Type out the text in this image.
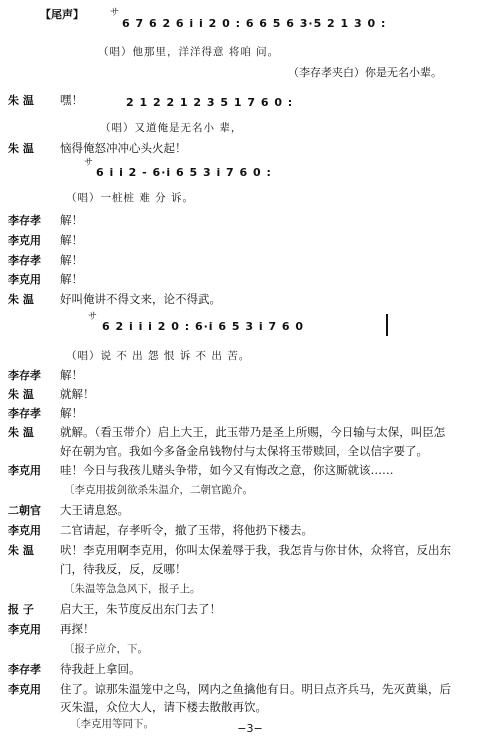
【尾声】	サ
6 7 6 2 6 i i 2 0 : 6 6 5 6 3·5 2 1 3 0 :
（唱）他那里，洋洋得意 将咱 问。
（李存孝夹白）你是无名小辈。
朱 温 嘿！	2 1 2 2 1 2 3 5 1 7 6 0 :
（唱）又道俺是无名小 辈，
朱 温 恼得俺怒冲冲心头火起！
サ
6 i i 2 - 6·i 6 5 3 i 7 6 0 :
（唱）一桩桩 难 分 诉。
李存孝 解！
李克用 解！
李存孝 解！
李克用 解！
朱 温 好叫俺讲不得文来，论不得武。
サ
6 2 i i i 2 0 : 6·i 6 5 3 i 7 6 0
（唱）说 不 出 怨 恨 诉 不 出 苦。
李存孝 解！
朱 温 就解！
李存孝 解！
朱 温 就解。（看玉带介）启上大王，此玉带乃是圣上所赐，今日输与太保，叫臣怎
好在朝为官。我如今多备金帛钱物付与太保将玉带赎回，全以信字要了。
李克用 哇！今日与我孩儿赌头争带，如今又有悔改之意，你这厮就该……
〔李克用拔剑欲杀朱温介，二朝官跪介。
二朝官 大王请息怒。
李克用 二官请起，存孝听令，撤了玉带，将他扔下楼去。
朱 温 吠！李克用啊李克用，你叫太保羞辱于我，我怎肯与你甘休，众将官，反出东
门，待我反，反，反哪！
〔朱温等急急风下，报子上。
报 子 启大王，朱节度反出东门去了！
李克用 再探！
〔报子应介，下。
李存孝 待我赶上拿回。
李克用 住了。谅那朱温笼中之鸟，网内之鱼擒他有日。明日点齐兵马，先灭黄巢，后
灭朱温，众位大人，请下楼去散散再饮。
〔李克用等同下。	−3−
